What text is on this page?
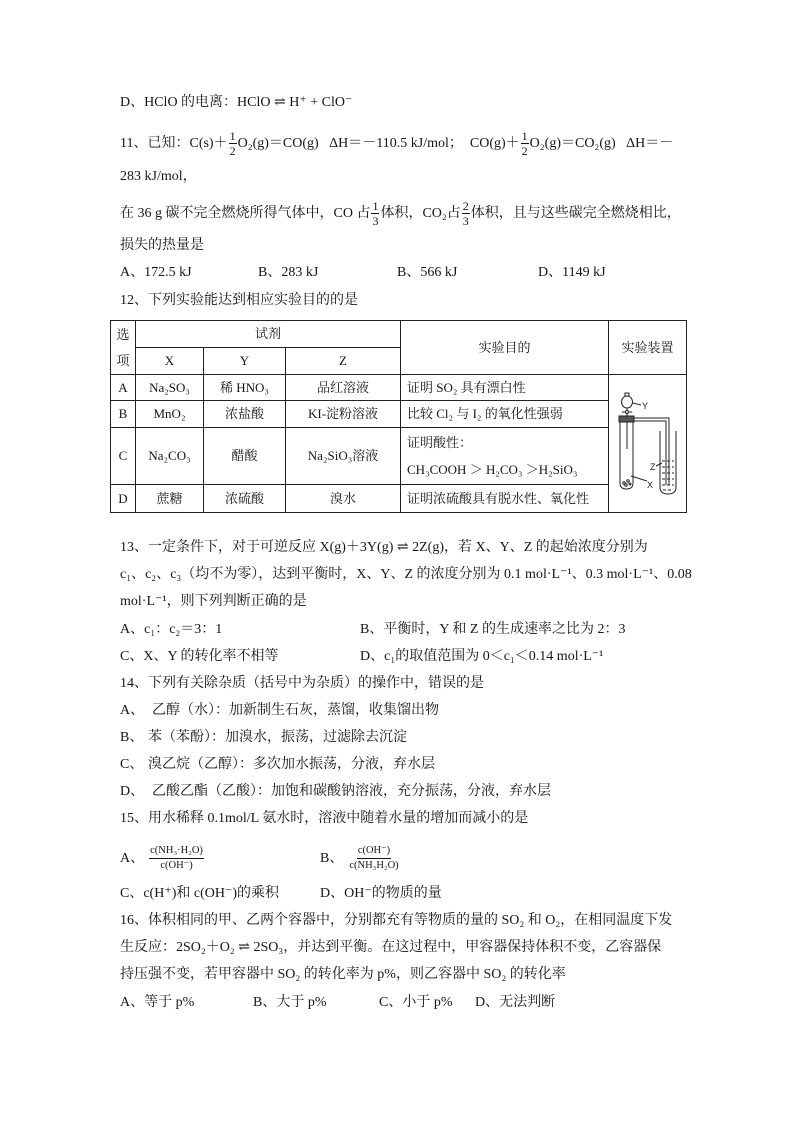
D、HClO 的电离：HClO ⇌ H⁺ + ClO⁻
11、已知：$C(s)+ \frac{1}{2} O_2(g)=CO(g)$   ΔH＝－110.5 kJ/mol；  $CO(g)+ \frac{1}{2} O_2(g)=CO_2(g)$   ΔH＝－
283 kJ/mol，
在 36 g 碳不完全燃烧所得气体中，CO 占 $\frac{1}{3}$ 体积，CO₂占 $\frac{2}{3}$ 体积，且与这些碳完全燃烧相比，
损失的热量是
A、172.5 kJ	B、283 kJ	B、566 kJ	D、1149 kJ
12、下列实验能达到相应实验目的的是
选
项	试剂			实验目的	实验装置
	X	Y	Z		
A	Na₂SO₃	稀 HNO₃	品红溶液	证明 SO₂ 具有漂白性	Y
Z
X

B	MnO₂	浓盐酸	KI-淀粉溶液	比较 Cl₂ 与 I₂ 的氧化性强弱	
C	Na₂CO₃	醋酸	Na₂SiO₃溶液	证明酸性：
CH₃COOH ＞ H₂CO₃ ＞H₂SiO₃	

D	蔗糖	浓硫酸	溴水	证明浓硫酸具有脱水性、氧化性	
13、一定条件下，对于可逆反应 X(g)＋3Y(g) ⇌ 2Z(g)，若 X、Y、Z 的起始浓度分别为
c₁、c₂、c₃（均不为零），达到平衡时，X、Y、Z 的浓度分别为 0.1 mol·L⁻¹、0.3 mol·L⁻¹、0.08
mol·L⁻¹，则下列判断正确的是
A、c₁：c₂＝3：1	B、平衡时，Y 和 Z 的生成速率之比为 2：3
C、X、Y 的转化率不相等	D、c₁的取值范围为 0＜c₁＜0.14 mol·L⁻¹
14、下列有关除杂质（括号中为杂质）的操作中，错误的是
A、 乙醇（水）：加新制生石灰，蒸馏，收集馏出物
B、 苯（苯酚）：加溴水，振荡，过滤除去沉淀
C、 溴乙烷（乙醇）：多次加水振荡，分液，弃水层
D、 乙酸乙酯（乙酸）：加饱和碳酸钠溶液，充分振荡，分液，弃水层
15、用水稀释 0.1mol/L 氨水时，溶液中随着水量的增加而减小的是
A、 $\frac{\text{c(NH₃·H₂O)}}{c(OH^-)}$	B、 $\frac{c(OH^-)}{\text{c(NH₃H₂O)}}$
C、c(H⁺)和 c(OH⁻)的乘积	D、OH⁻的物质的量
16、体积相同的甲、乙两个容器中，分别都充有等物质的量的 SO₂ 和 O₂，在相同温度下发
生反应：2SO₂＋O₂ ⇌ 2SO₃，并达到平衡。在这过程中，甲容器保持体积不变，乙容器保
持压强不变，若甲容器中 SO₂ 的转化率为 p%，则乙容器中 SO₂ 的转化率
A、等于 p%	B、大于 p%	C、小于 p% D、无法判断
